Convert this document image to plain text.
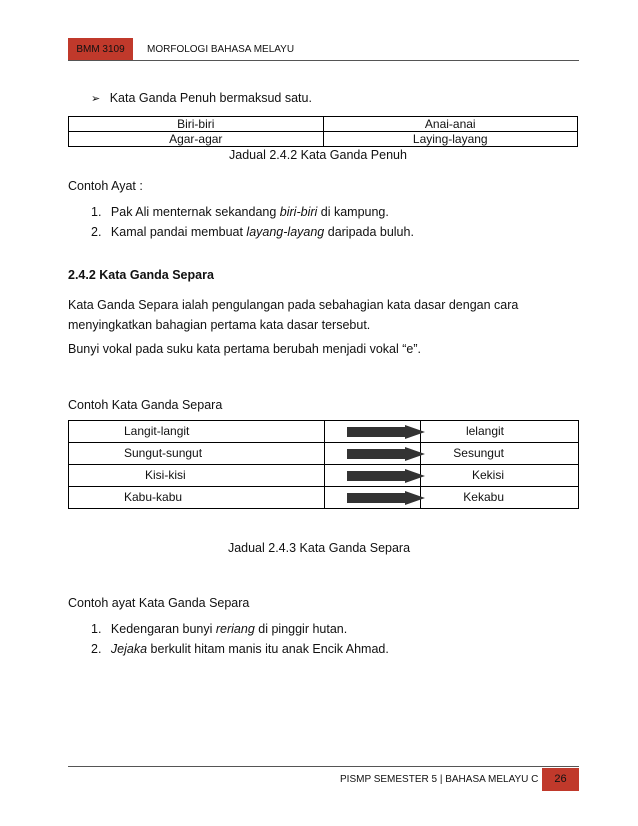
BMM 3109	MORFOLOGI BAHASA MELAYU
➢ Kata Ganda Penuh bermaksud satu.
Biri-biri	Anai-anai
Agar-agar	Laying-layang
Jadual 2.4.2 Kata Ganda Penuh
Contoh Ayat :
1. Pak Ali menternak sekandang biri-biri di kampung.
2. Kamal pandai membuat layang-layang daripada buluh.
2.4.2 Kata Ganda Separa
Kata Ganda Separa ialah pengulangan pada sebahagian kata dasar dengan cara
menyingkatkan bahagian pertama kata dasar tersebut.
Bunyi vokal pada suku kata pertama berubah menjadi vokal “e”.
Contoh Kata Ganda Separa
Langit-langit		lelangit
Sungut-sungut		Sesungut
Kisi-kisi		Kekisi
Kabu-kabu		Kekabu
Jadual 2.4.3 Kata Ganda Separa
Contoh ayat Kata Ganda Separa
1. Kedengaran bunyi reriang di pinggir hutan.
2. Jejaka berkulit hitam manis itu anak Encik Ahmad.
PISMP SEMESTER 5 | BAHASA MELAYU C	26
